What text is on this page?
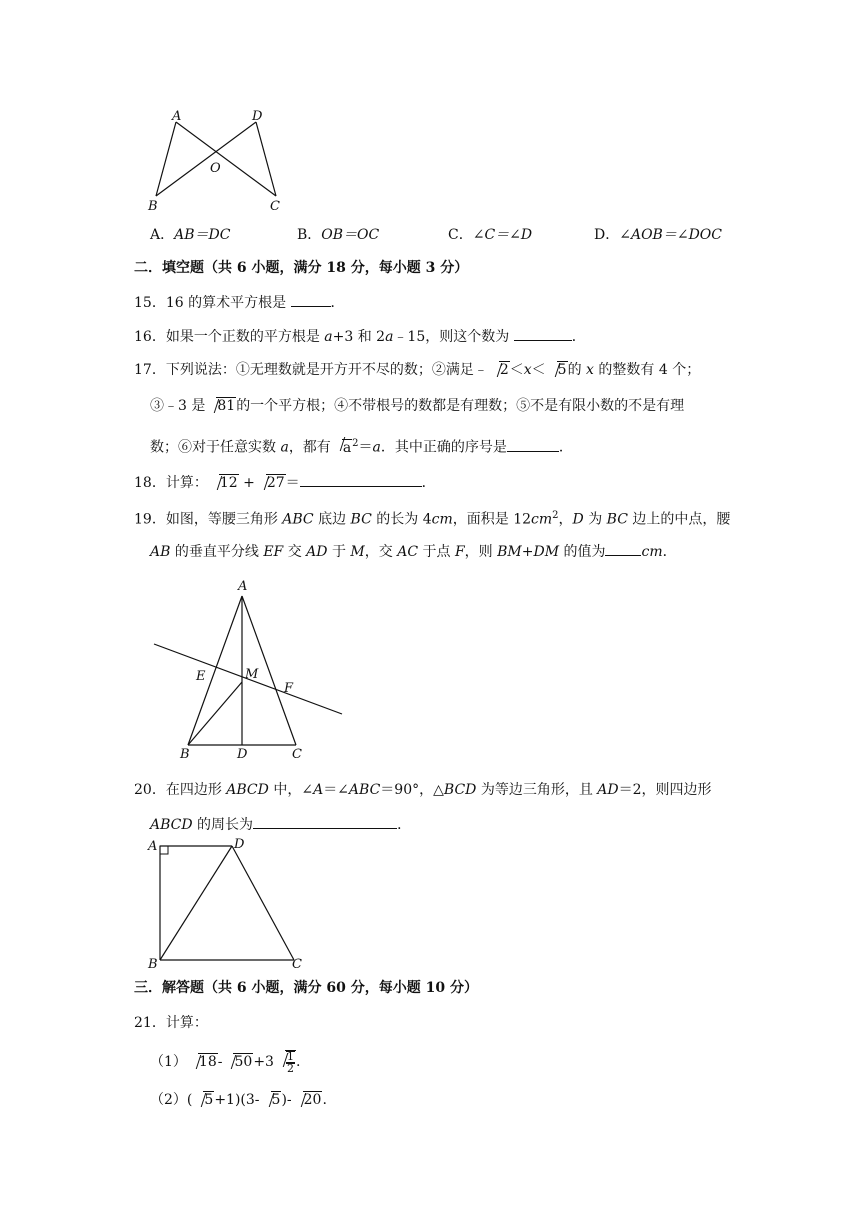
A	D
O
B	C
A．AB＝DC	B．OB＝OC	C．∠C＝∠D	D．∠AOB＝∠DOC
二．填空题（共 6 小题，满分 18 分，每小题 3 分）
15．16 的算术平方根是	．
16．如果一个正数的平方根是 a+3 和 2a﹣15，则这个数为	．
17．下列说法：①无理数就是开方开不尽的数；②满足﹣ 2＜x＜ 5的 x 的整数有 4 个；
③﹣3 是 81的一个平方根；④不带根号的数都是有理数；⑤不是有限小数的不是有理
数；⑥对于任意实数 a，都有 $a^2=a$．其中正确的序号是	．
18．计算： 12 + 27＝	．
19．如图，等腰三角形 ABC 底边 BC 的长为 4cm，面积是 $12cm^2$，D 为 BC 边上的中点，腰
AB 的垂直平分线 EF 交 AD 于 M，交 AC 于点 F，则 BM+DM 的值为	cm．
A
E	M
F
B	D	C
20．在四边形 ABCD 中，∠A＝∠ABC＝90°，△BCD 为等边三角形，且 AD＝2，则四边形
ABCD 的周长为	．
A	D
B	C
三．解答题（共 6 小题，满分 60 分，每小题 10 分）
21．计算：
（1） 18- $50+3 \frac{1}{2}$ .
（2）( 5+1)(3- 5)- 20.
